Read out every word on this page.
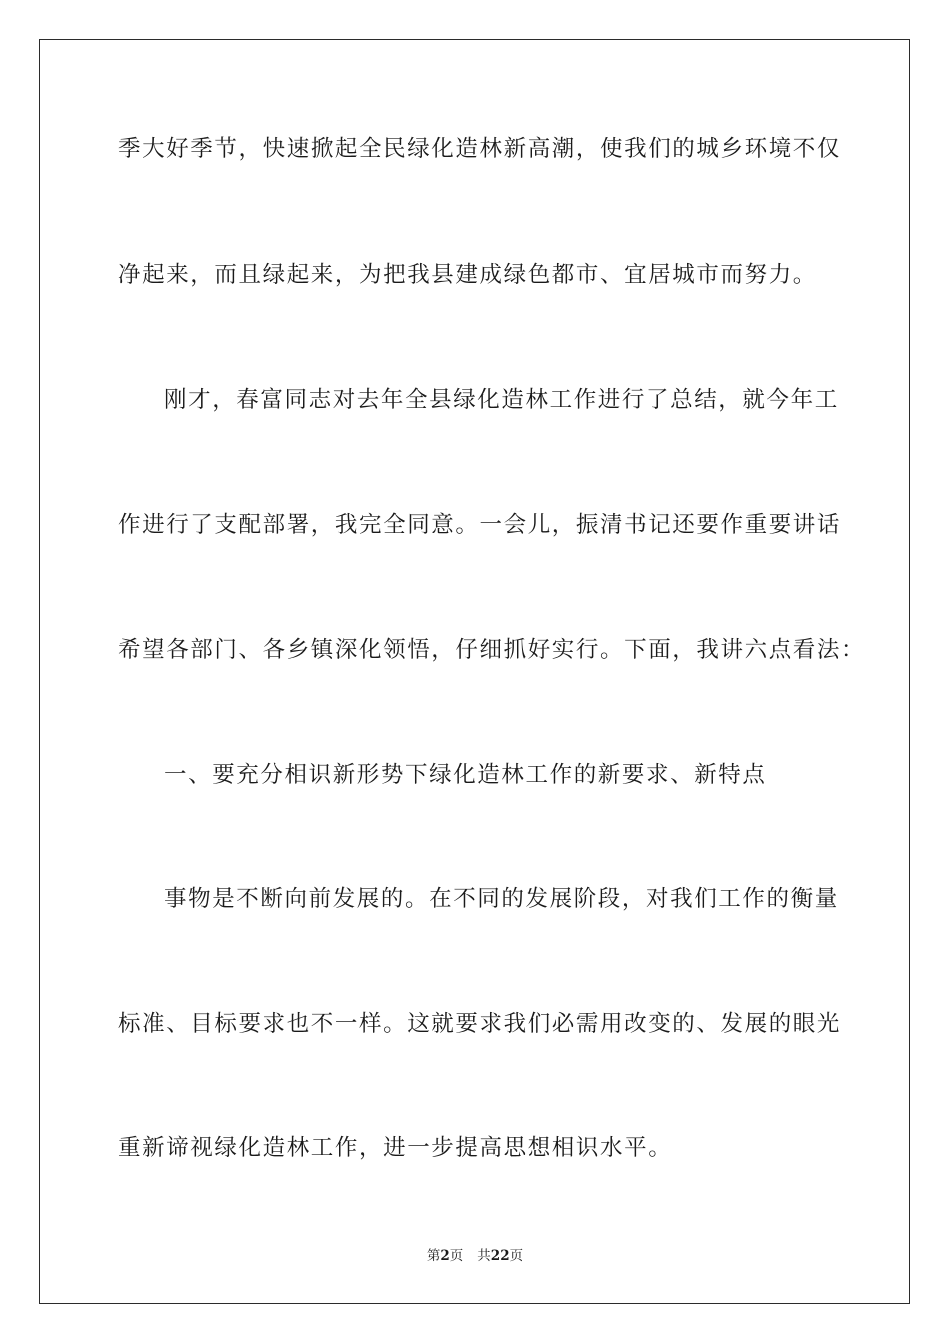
季大好季节，快速掀起全民绿化造林新高潮，使我们的城乡环境不仅
净起来，而且绿起来，为把我县建成绿色都市、宜居城市而努力。
刚才，春富同志对去年全县绿化造林工作进行了总结，就今年工
作进行了支配部署，我完全同意。一会儿，振清书记还要作重要讲话
希望各部门、各乡镇深化领悟，仔细抓好实行。下面，我讲六点看法：
一、要充分相识新形势下绿化造林工作的新要求、新特点
事物是不断向前发展的。在不同的发展阶段，对我们工作的衡量
标准、目标要求也不一样。这就要求我们必需用改变的、发展的眼光
重新谛视绿化造林工作，进一步提高思想相识水平。
第2页 共22页
